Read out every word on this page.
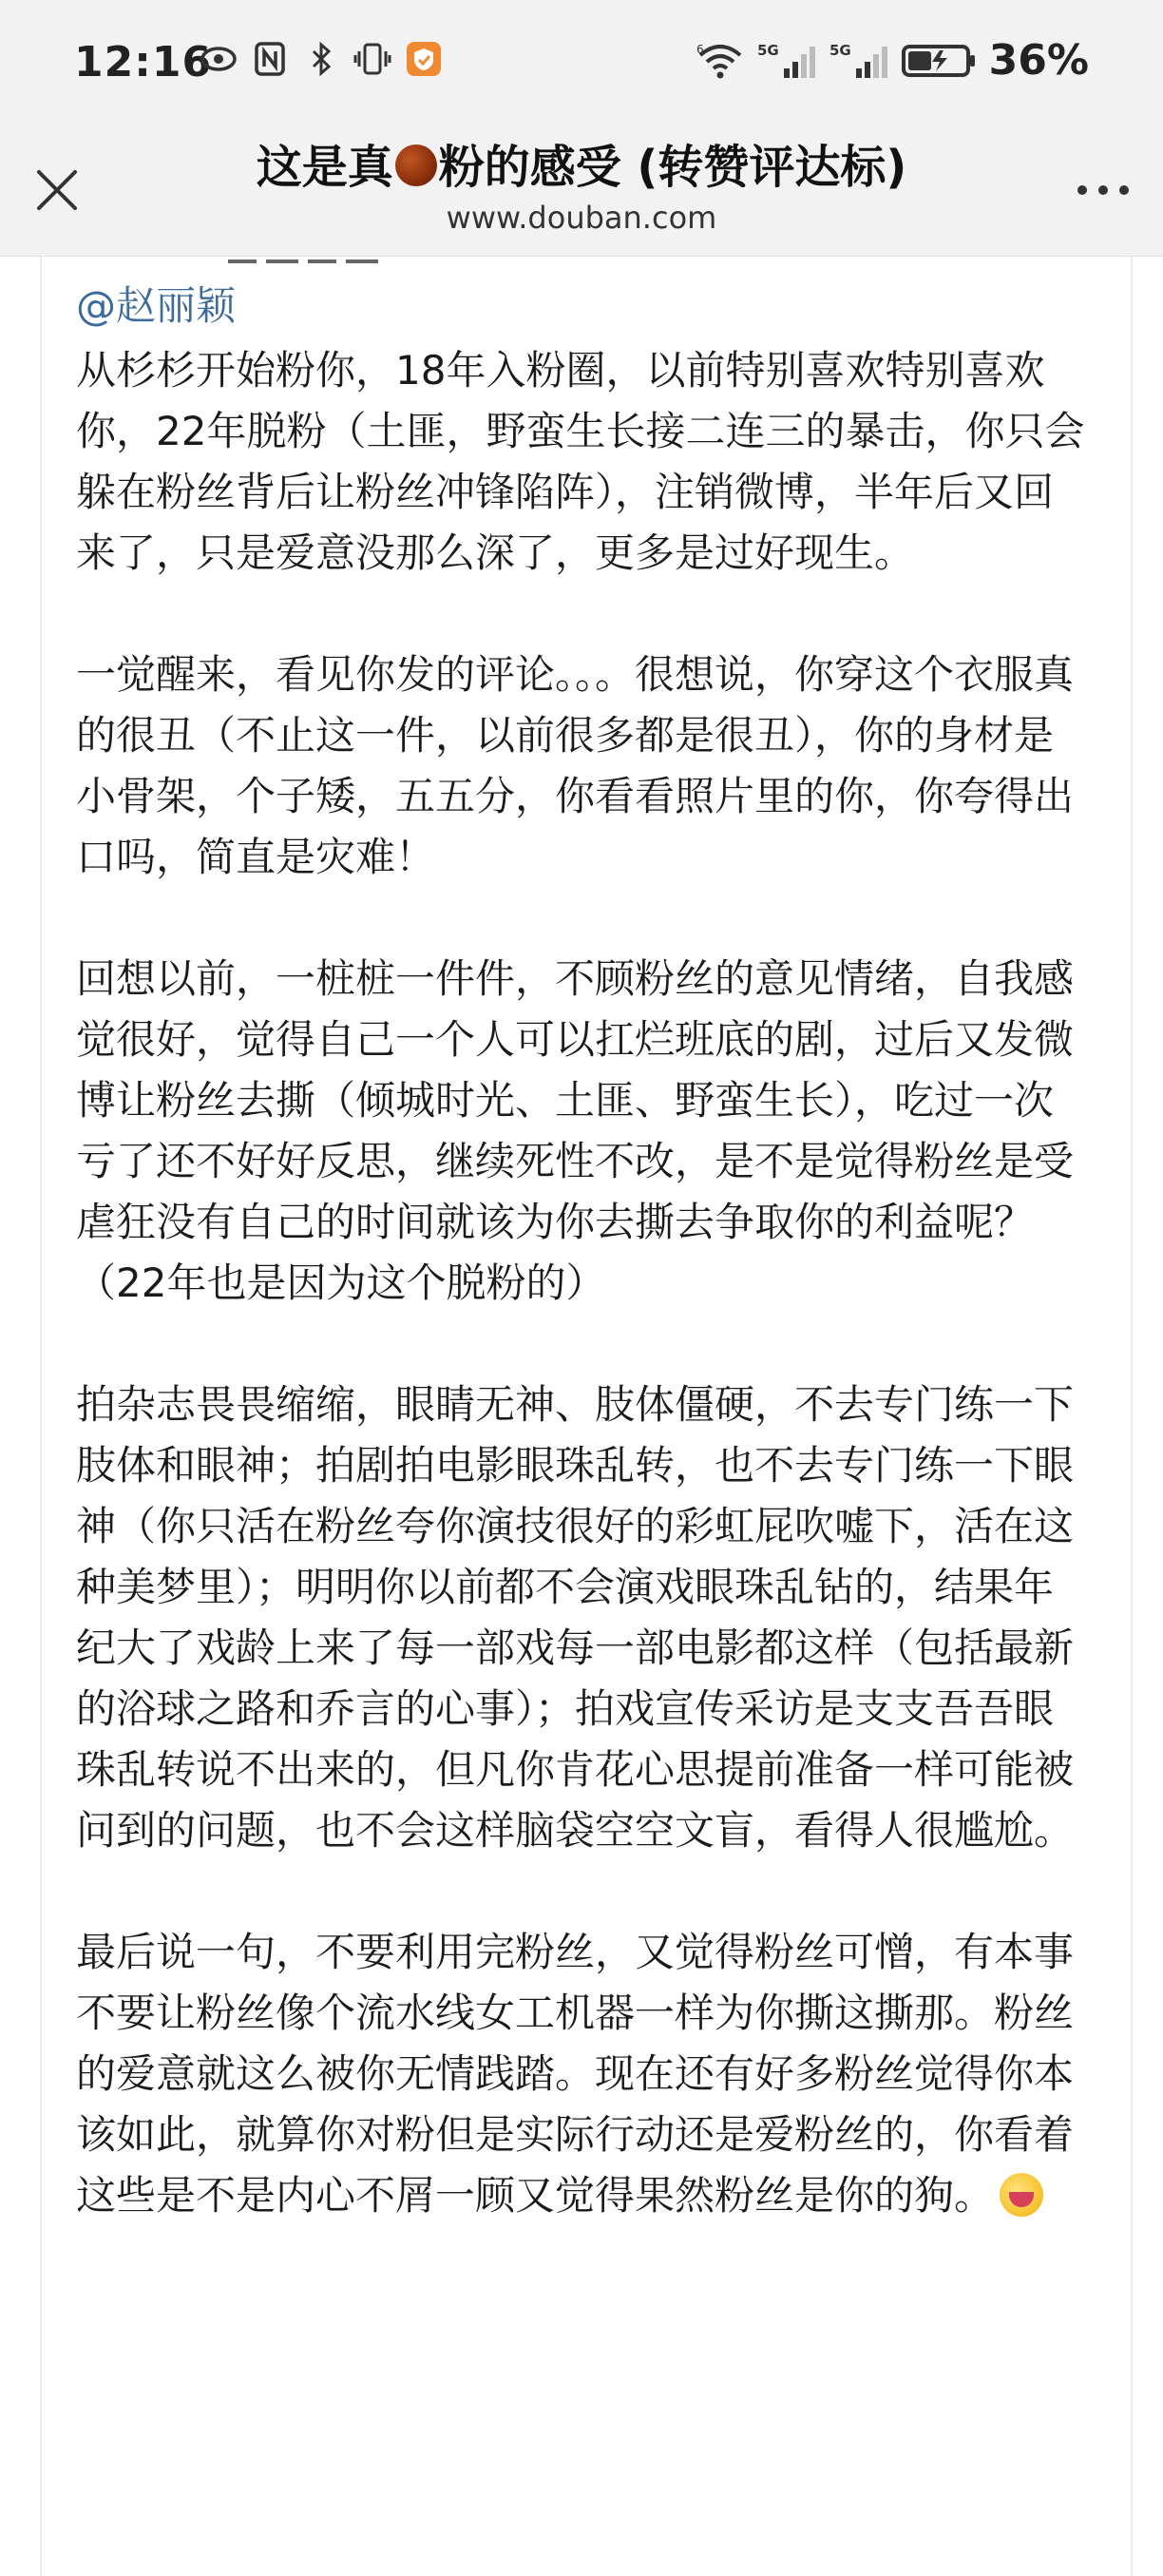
12:16	6	5G	5G	36%
这是真 粉的感受 (转赞评达标)
www.douban.com
@赵丽颖

从杉杉开始粉你，18年入粉圈，以前特别喜欢特别喜欢你，22年脱粉（土匪，野蛮生长接二连三的暴击，你只会躲在粉丝背后让粉丝冲锋陷阵），注销微博，半年后又回来了，只是爱意没那么深了，更多是过好现生。

一觉醒来，看见你发的评论。。。很想说，你穿这个衣服真的很丑（不止这一件，以前很多都是很丑），你的身材是小骨架，个子矮，五五分，你看看照片里的你，你夸得出口吗，简直是灾难！

回想以前，一桩桩一件件，不顾粉丝的意见情绪，自我感觉很好，觉得自己一个人可以扛烂班底的剧，过后又发微博让粉丝去撕（倾城时光、土匪、野蛮生长），吃过一次亏了还不好好反思，继续死性不改，是不是觉得粉丝是受虐狂没有自己的时间就该为你去撕去争取你的利益呢？（22年也是因为这个脱粉的）

拍杂志畏畏缩缩，眼睛无神、肢体僵硬，不去专门练一下肢体和眼神；拍剧拍电影眼珠乱转，也不去专门练一下眼神（你只活在粉丝夸你演技很好的彩虹屁吹嘘下，活在这种美梦里）；明明你以前都不会演戏眼珠乱钻的，结果年纪大了戏龄上来了每一部戏每一部电影都这样（包括最新的浴球之路和乔言的心事）；拍戏宣传采访是支支吾吾眼珠乱转说不出来的，但凡你肯花心思提前准备一样可能被问到的问题，也不会这样脑袋空空文盲，看得人很尴尬。

最后说一句，不要利用完粉丝，又觉得粉丝可憎，有本事不要让粉丝像个流水线女工机器一样为你撕这撕那。粉丝的爱意就这么被你无情践踏。现在还有好多粉丝觉得你本该如此，就算你对粉但是实际行动还是爱粉丝的，你看着这些是不是内心不屑一顾又觉得果然粉丝是你的狗。
